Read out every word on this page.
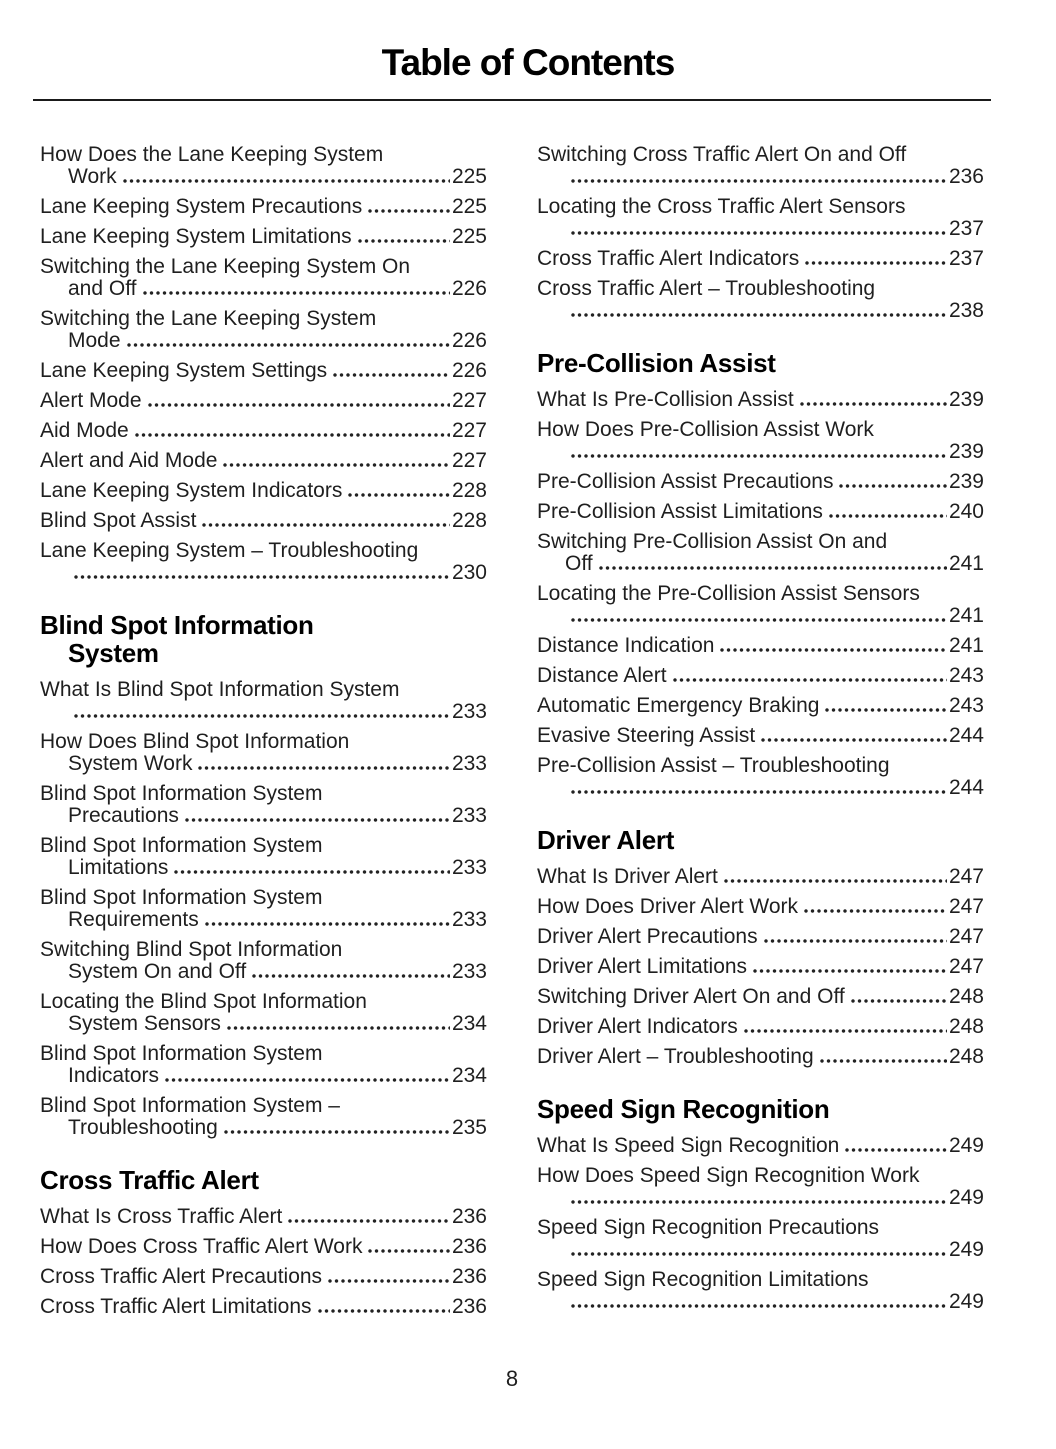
Table of Contents
How Does the Lane Keeping System
Work	225
Lane Keeping System Precautions	225
Lane Keeping System Limitations	225
Switching the Lane Keeping System On
and Off	226
Switching the Lane Keeping System
Mode	226
Lane Keeping System Settings	226
Alert Mode	227
Aid Mode	227
Alert and Aid Mode	227
Lane Keeping System Indicators	228
Blind Spot Assist	228
Lane Keeping System – Troubleshooting
230
Blind Spot Information
System
What Is Blind Spot Information System
233
How Does Blind Spot Information
System Work	233
Blind Spot Information System
Precautions	233
Blind Spot Information System
Limitations	233
Blind Spot Information System
Requirements	233
Switching Blind Spot Information
System On and Off	233
Locating the Blind Spot Information
System Sensors	234
Blind Spot Information System
Indicators	234
Blind Spot Information System –
Troubleshooting	235
Cross Traffic Alert
What Is Cross Traffic Alert	236
How Does Cross Traffic Alert Work	236
Cross Traffic Alert Precautions	236
Cross Traffic Alert Limitations	236
Switching Cross Traffic Alert On and Off
236
Locating the Cross Traffic Alert Sensors
237
Cross Traffic Alert Indicators	237
Cross Traffic Alert – Troubleshooting
238
Pre-Collision Assist
What Is Pre-Collision Assist	239
How Does Pre-Collision Assist Work
239
Pre-Collision Assist Precautions	239
Pre-Collision Assist Limitations	240
Switching Pre-Collision Assist On and
Off	241
Locating the Pre-Collision Assist Sensors
241
Distance Indication	241
Distance Alert	243
Automatic Emergency Braking	243
Evasive Steering Assist	244
Pre-Collision Assist – Troubleshooting
244
Driver Alert
What Is Driver Alert	247
How Does Driver Alert Work	247
Driver Alert Precautions	247
Driver Alert Limitations	247
Switching Driver Alert On and Off	248
Driver Alert Indicators	248
Driver Alert – Troubleshooting	248
Speed Sign Recognition
What Is Speed Sign Recognition	249
How Does Speed Sign Recognition Work
249
Speed Sign Recognition Precautions
249
Speed Sign Recognition Limitations
249
8
